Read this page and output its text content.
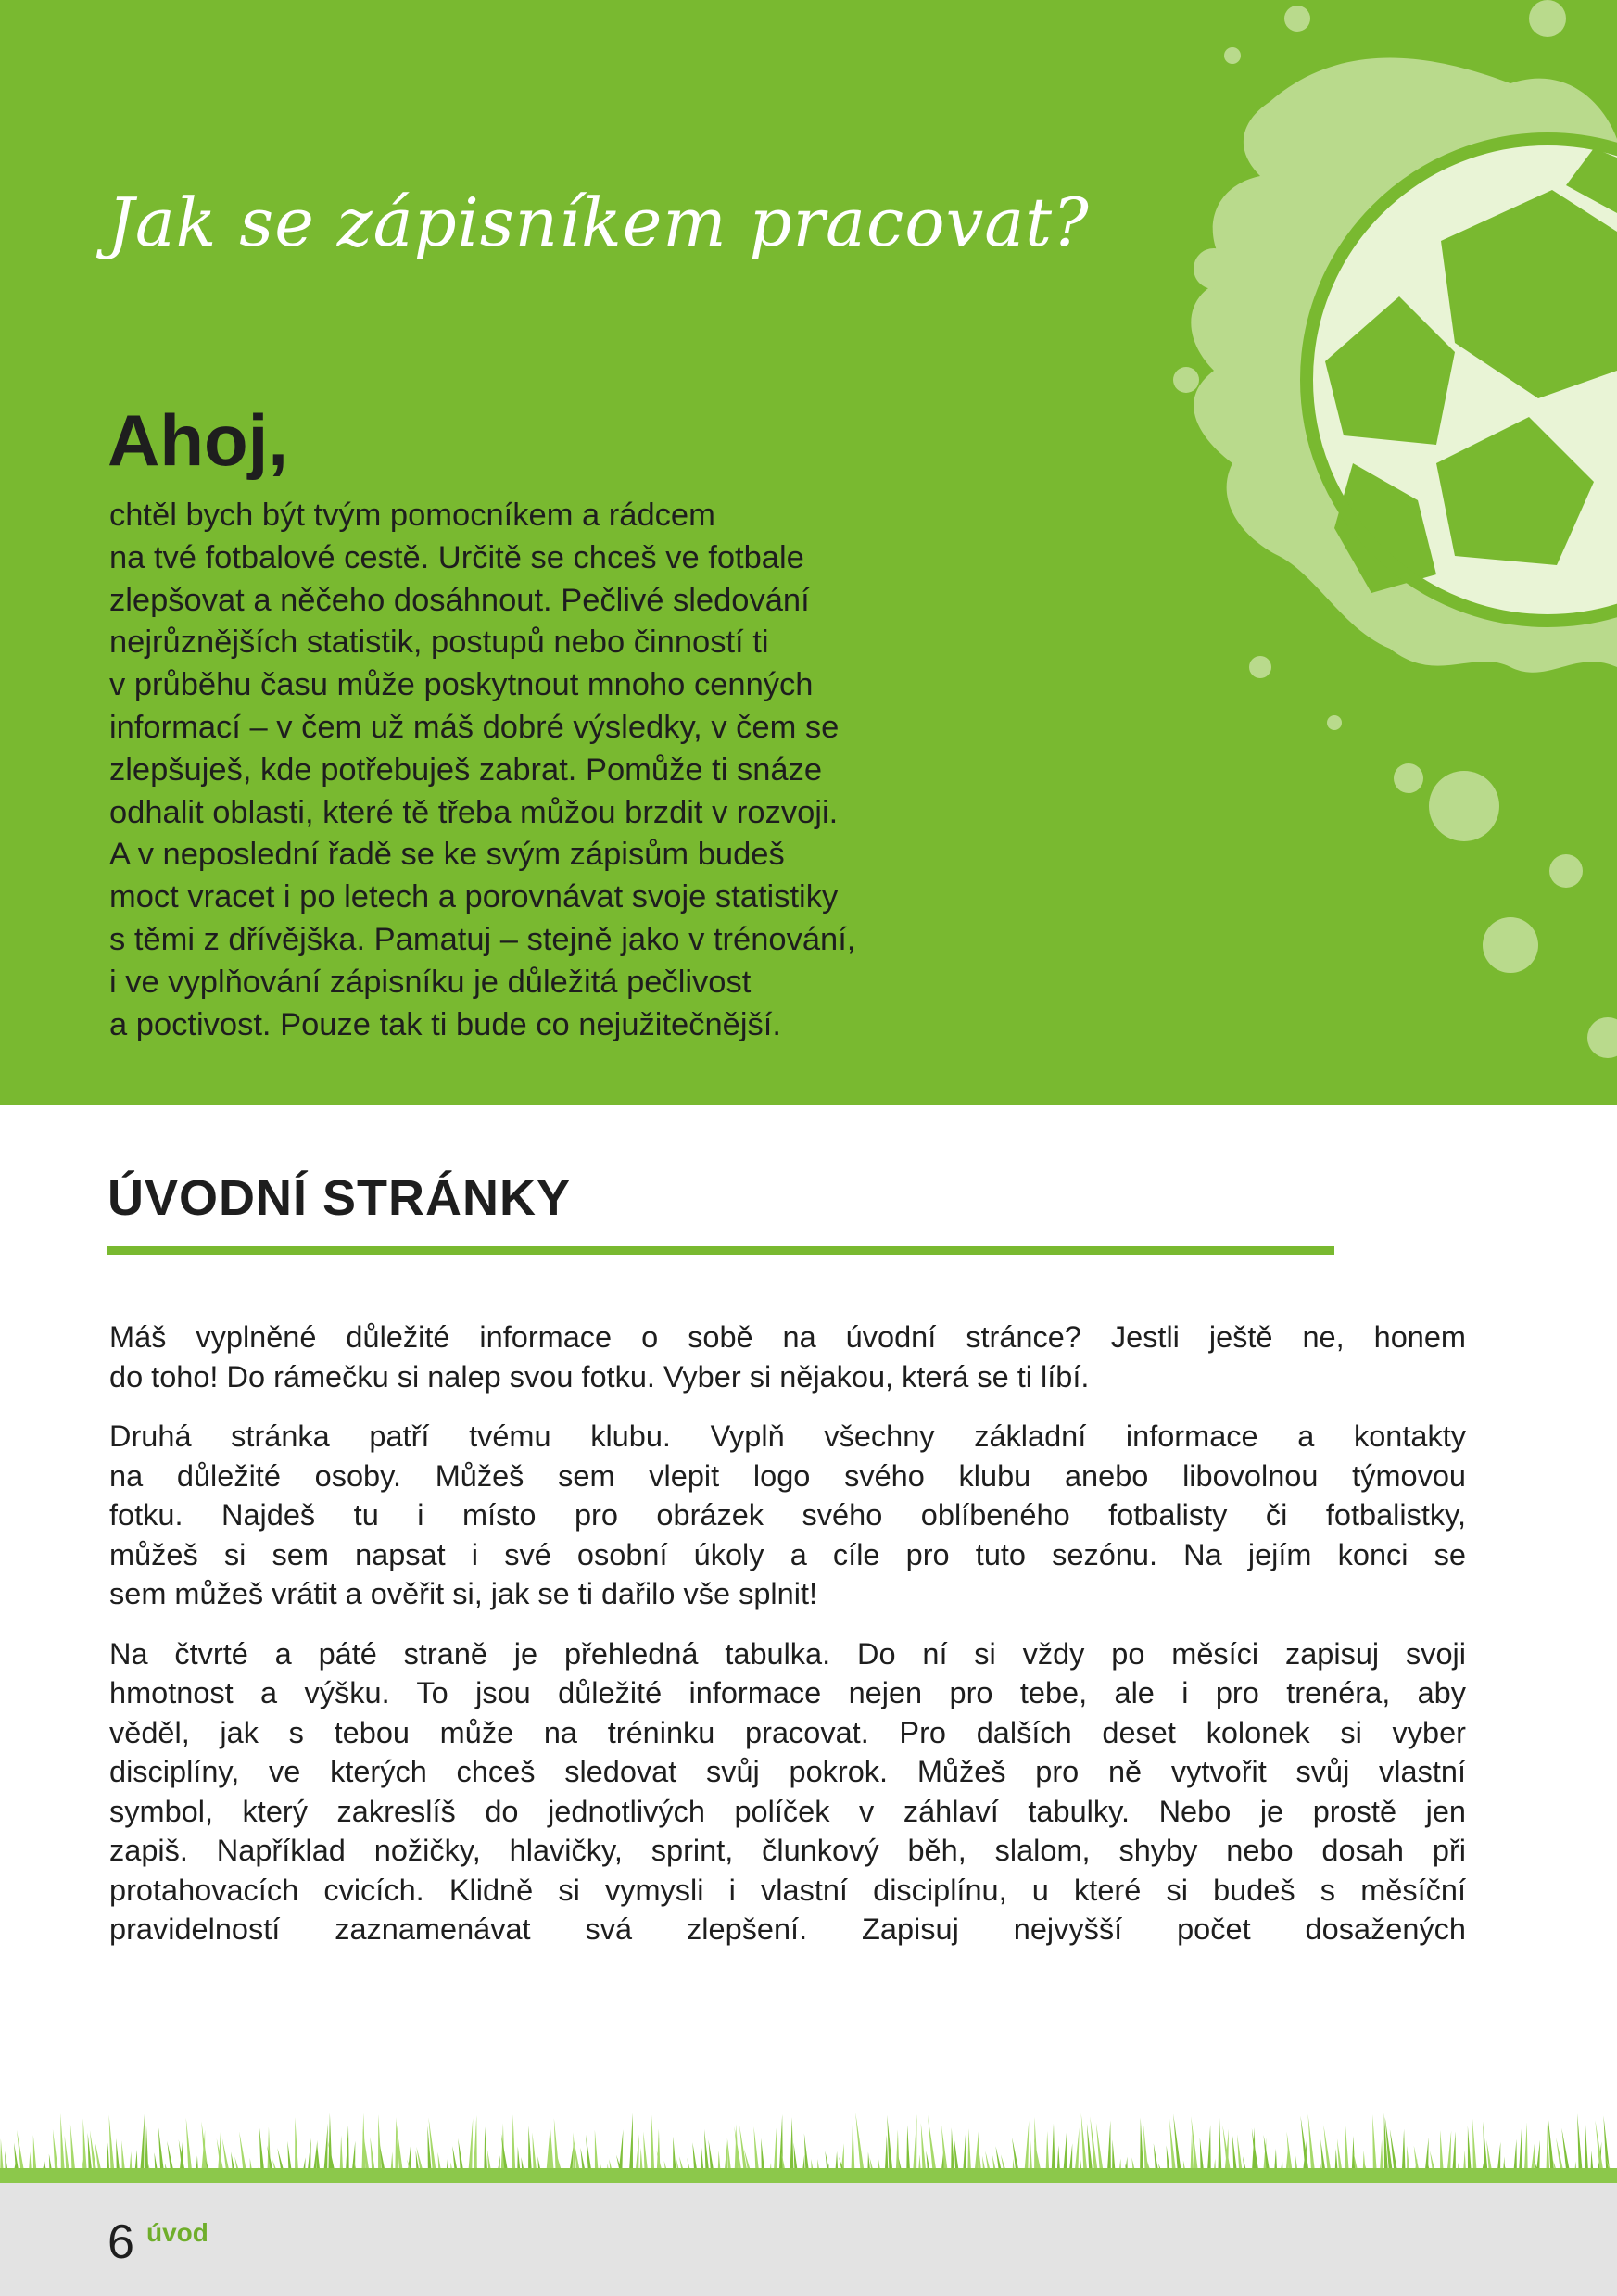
Jak se zápisníkem pracovat?
Ahoj,
chtěl bych být tvým pomocníkem a rádcem
na tvé fotbalové cestě. Určitě se chceš ve fotbale
zlepšovat a něčeho dosáhnout. Pečlivé sledování
nejrůznějších statistik, postupů nebo činností ti
v průběhu času může poskytnout mnoho cenných
informací – v čem už máš dobré výsledky, v čem se
zlepšuješ, kde potřebuješ zabrat. Pomůže ti snáze
odhalit oblasti, které tě třeba můžou brzdit v rozvoji.
A v neposlední řadě se ke svým zápisům budeš
moct vracet i po letech a porovnávat svoje statistiky
s těmi z dřívějška. Pamatuj – stejně jako v trénování,
i ve vyplňování zápisníku je důležitá pečlivost
a poctivost. Pouze tak ti bude co nejužitečnější.
ÚVODNÍ STRÁNKY

Máš vyplněné důležité informace o sobě na úvodní stránce? Jestli ještě ne, honem
do toho! Do rámečku si nalep svou fotku. Vyber si nějakou, která se ti líbí.

Druhá stránka patří tvému klubu. Vyplň všechny základní informace a kontakty
na důležité osoby. Můžeš sem vlepit logo svého klubu anebo libovolnou týmovou
fotku. Najdeš tu i místo pro obrázek svého oblíbeného fotbalisty či fotbalistky,
můžeš si sem napsat i své osobní úkoly a cíle pro tuto sezónu. Na jejím konci se
sem můžeš vrátit a ověřit si, jak se ti dařilo vše splnit!

Na čtvrté a páté straně je přehledná tabulka. Do ní si vždy po měsíci zapisuj svoji
hmotnost a výšku. To jsou důležité informace nejen pro tebe, ale i pro trenéra, aby
věděl, jak s tebou může na tréninku pracovat. Pro dalších deset kolonek si vyber
disciplíny, ve kterých chceš sledovat svůj pokrok. Můžeš pro ně vytvořit svůj vlastní
symbol, který zakreslíš do jednotlivých políček v záhlaví tabulky. Nebo je prostě jen
zapiš. Například nožičky, hlavičky, sprint, člunkový běh, slalom, shyby nebo dosah při
protahovacích cvicích. Klidně si vymysli i vlastní disciplínu, u které si budeš s měsíční
pravidelností zaznamenávat svá zlepšení. Zapisuj nejvyšší počet dosažených

6 úvod
